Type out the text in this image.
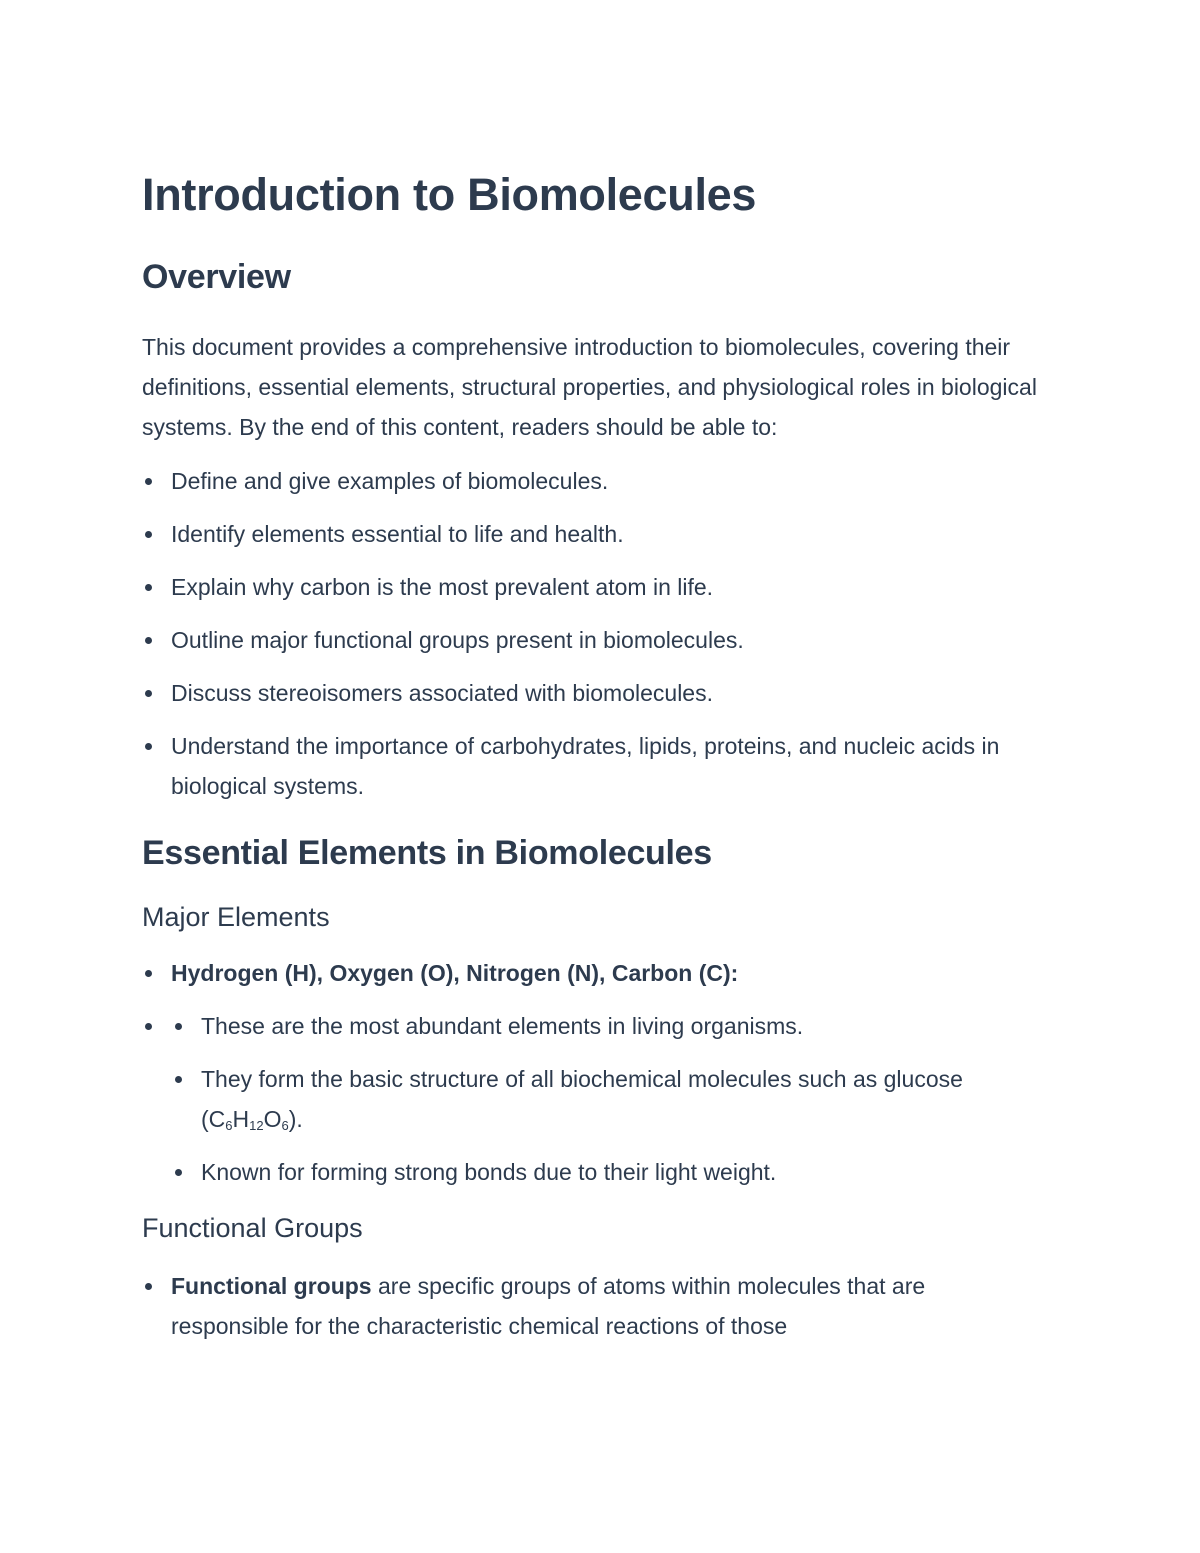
Introduction to Biomolecules
Overview

This document provides a comprehensive introduction to biomolecules, covering their definitions, essential elements, structural properties, and physiological roles in biological systems. By the end of this content, readers should be able to:

Define and give examples of biomolecules.
Identify elements essential to life and health.
Explain why carbon is the most prevalent atom in life.
Outline major functional groups present in biomolecules.
Discuss stereoisomers associated with biomolecules.
Understand the importance of carbohydrates, lipids, proteins, and nucleic acids in biological systems.
Essential Elements in Biomolecules
Major Elements
Hydrogen (H), Oxygen (O), Nitrogen (N), Carbon (C):
These are the most abundant elements in living organisms.
They form the basic structure of all biochemical molecules such as glucose $(C_6H_{12}O_6)$.
Known for forming strong bonds due to their light weight.
Functional Groups
Functional groups are specific groups of atoms within molecules that are responsible for the characteristic chemical reactions of those
